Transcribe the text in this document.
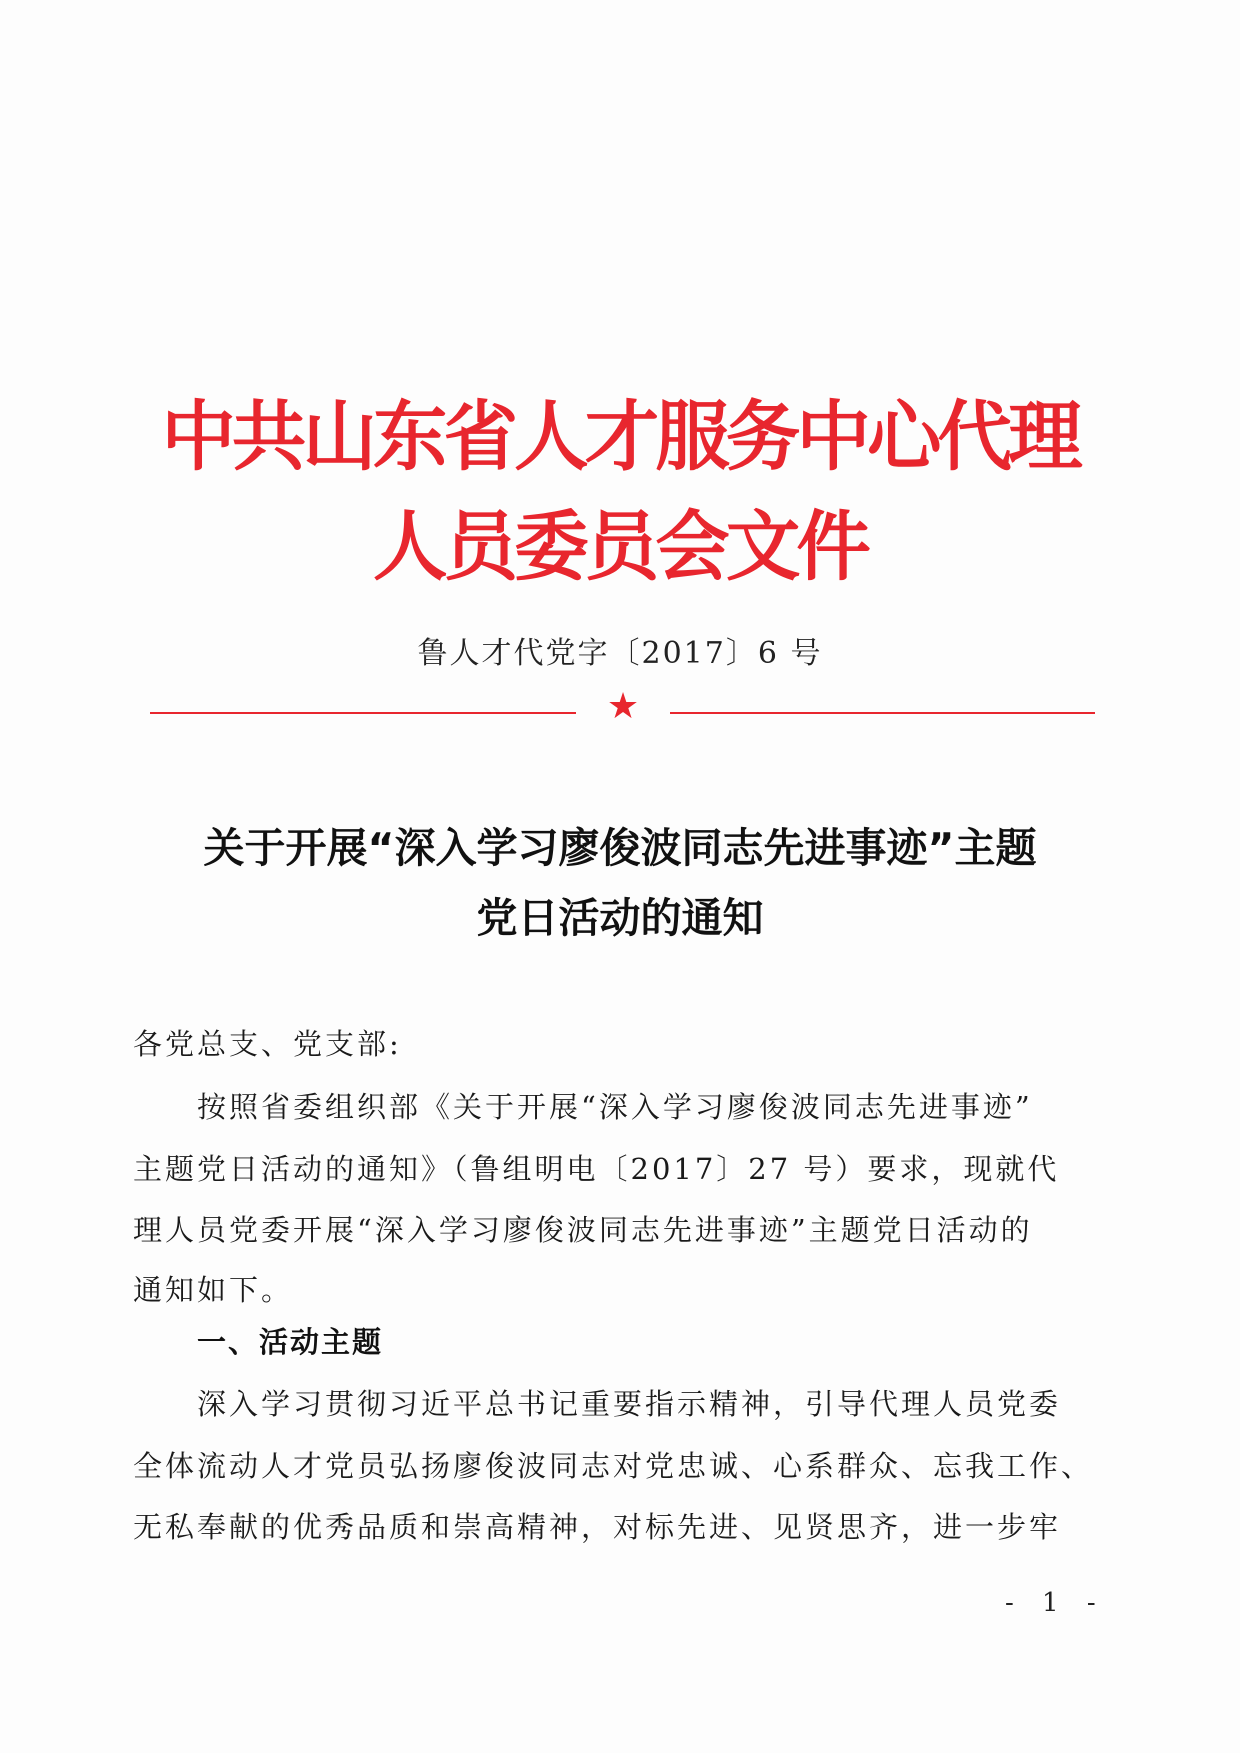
中共山东省人才服务中心代理人员委员会文件
鲁人才代党字〔2017〕6 号
★
关于开展“深入学习廖俊波同志先进事迹”主题
党日活动的通知
各党总支、党支部:
按照省委组织部《关于开展“深入学习廖俊波同志先进事迹”
主题党日活动的通知》（鲁组明电〔2017〕27 号）要求，现就代
理人员党委开展“深入学习廖俊波同志先进事迹”主题党日活动的
通知如下。
一、活动主题
深入学习贯彻习近平总书记重要指示精神，引导代理人员党委
全体流动人才党员弘扬廖俊波同志对党忠诚、心系群众、忘我工作、
无私奉献的优秀品质和崇高精神，对标先进、见贤思齐，进一步牢
- 1 -
